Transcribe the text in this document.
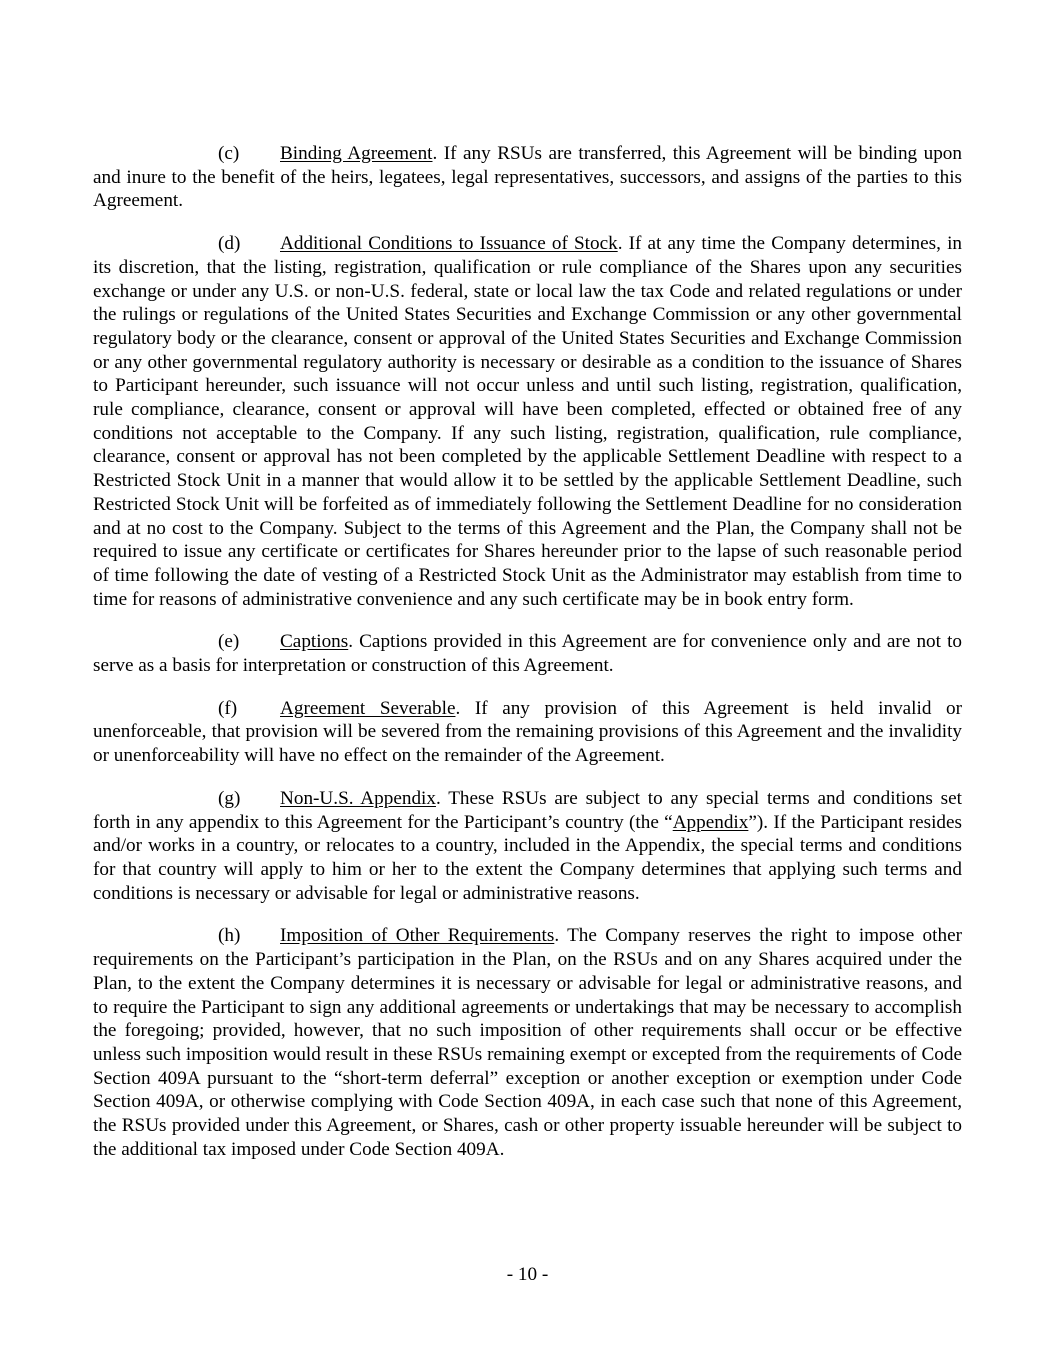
(c) Binding Agreement. If any RSUs are transferred, this Agreement will be binding upon and inure to the benefit of the heirs, legatees, legal representatives, successors, and assigns of the parties to this Agreement.

(d) Additional Conditions to Issuance of Stock. If at any time the Company determines, in its discretion, that the listing, registration, qualification or rule compliance of the Shares upon any securities exchange or under any U.S. or non-U.S. federal, state or local law the tax Code and related regulations or under the rulings or regulations of the United States Securities and Exchange Commission or any other governmental regulatory body or the clearance, consent or approval of the United States Securities and Exchange Commission or any other governmental regulatory authority is necessary or desirable as a condition to the issuance of Shares to Participant hereunder, such issuance will not occur unless and until such listing, registration, qualification, rule compliance, clearance, consent or approval will have been completed, effected or obtained free of any conditions not acceptable to the Company. If any such listing, registration, qualification, rule compliance, clearance, consent or approval has not been completed by the applicable Settlement Deadline with respect to a Restricted Stock Unit in a manner that would allow it to be settled by the applicable Settlement Deadline, such Restricted Stock Unit will be forfeited as of immediately following the Settlement Deadline for no consideration and at no cost to the Company. Subject to the terms of this Agreement and the Plan, the Company shall not be required to issue any certificate or certificates for Shares hereunder prior to the lapse of such reasonable period of time following the date of vesting of a Restricted Stock Unit as the Administrator may establish from time to time for reasons of administrative convenience and any such certificate may be in book entry form.

(e) Captions. Captions provided in this Agreement are for convenience only and are not to serve as a basis for interpretation or construction of this Agreement.

(f) Agreement Severable. If any provision of this Agreement is held invalid or unenforceable, that provision will be severed from the remaining provisions of this Agreement and the invalidity or unenforceability will have no effect on the remainder of the Agreement.

(g) Non-U.S. Appendix. These RSUs are subject to any special terms and conditions set forth in any appendix to this Agreement for the Participant’s country (the “Appendix”). If the Participant resides and/or works in a country, or relocates to a country, included in the Appendix, the special terms and conditions for that country will apply to him or her to the extent the Company determines that applying such terms and conditions is necessary or advisable for legal or administrative reasons.

(h) Imposition of Other Requirements. The Company reserves the right to impose other requirements on the Participant’s participation in the Plan, on the RSUs and on any Shares acquired under the Plan, to the extent the Company determines it is necessary or advisable for legal or administrative reasons, and to require the Participant to sign any additional agreements or undertakings that may be necessary to accomplish the foregoing; provided, however, that no such imposition of other requirements shall occur or be effective unless such imposition would result in these RSUs remaining exempt or excepted from the requirements of Code Section 409A pursuant to the “short-term deferral” exception or another exception or exemption under Code Section 409A, or otherwise complying with Code Section 409A, in each case such that none of this Agreement, the RSUs provided under this Agreement, or Shares, cash or other property issuable hereunder will be subject to the additional tax imposed under Code Section 409A.

- 10 -
